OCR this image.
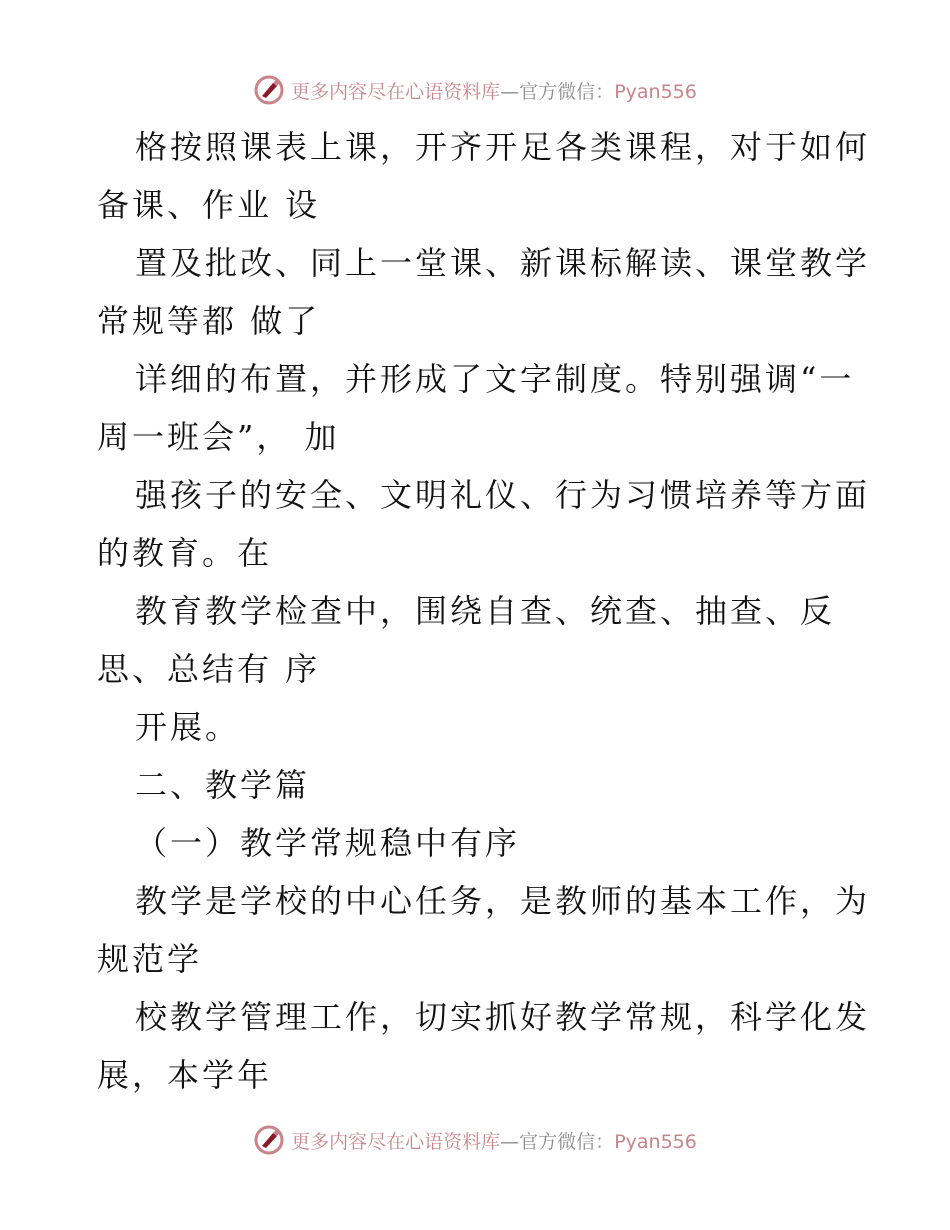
更多内容尽在心语资料库—官方微信：Pyan556
格按照课表上课，开齐开足各类课程，对于如何
备课、作业 设
置及批改、同上一堂课、新课标解读、课堂教学
常规等都 做了
详细的布置，并形成了文字制度。特别强调“一
周一班会”， 加
强孩子的安全、文明礼仪、行为习惯培养等方面
的教育。在
教育教学检查中，围绕自查、统查、抽查、反
思、总结有 序
开展。
二、教学篇
（一）教学常规稳中有序
教学是学校的中心任务，是教师的基本工作，为
规范学
校教学管理工作，切实抓好教学常规，科学化发
展，本学年
更多内容尽在心语资料库—官方微信：Pyan556
